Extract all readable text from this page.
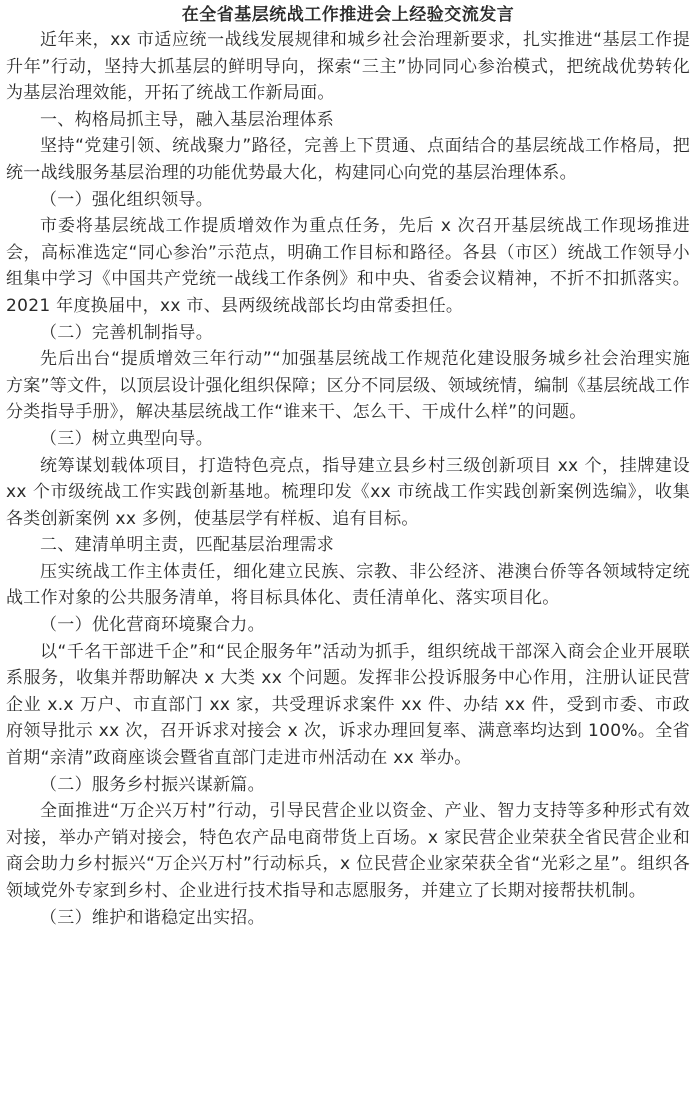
在全省基层统战工作推进会上经验交流发言

近年来，xx 市适应统一战线发展规律和城乡社会治理新要求，扎实推进“基层工作提升年”行动，坚持大抓基层的鲜明导向，探索“三主”协同同心参治模式，把统战优势转化为基层治理效能，开拓了统战工作新局面。

一、构格局抓主导，融入基层治理体系

坚持“党建引领、统战聚力”路径，完善上下贯通、点面结合的基层统战工作格局，把统一战线服务基层治理的功能优势最大化，构建同心向党的基层治理体系。

（一）强化组织领导。

市委将基层统战工作提质增效作为重点任务，先后 x 次召开基层统战工作现场推进会，高标准选定“同心参治”示范点，明确工作目标和路径。各县（市区）统战工作领导小组集中学习《中国共产党统一战线工作条例》和中央、省委会议精神，不折不扣抓落实。2021 年度换届中，xx 市、县两级统战部长均由常委担任。

（二）完善机制指导。

先后出台“提质增效三年行动”“加强基层统战工作规范化建设服务城乡社会治理实施方案”等文件，以顶层设计强化组织保障；区分不同层级、领域统情，编制《基层统战工作分类指导手册》，解决基层统战工作“谁来干、怎么干、干成什么样”的问题。

（三）树立典型向导。

统筹谋划载体项目，打造特色亮点，指导建立县乡村三级创新项目 xx 个，挂牌建设 xx 个市级统战工作实践创新基地。梳理印发《xx 市统战工作实践创新案例选编》，收集各类创新案例 xx 多例，使基层学有样板、追有目标。

二、建清单明主责，匹配基层治理需求

压实统战工作主体责任，细化建立民族、宗教、非公经济、港澳台侨等各领域特定统战工作对象的公共服务清单，将目标具体化、责任清单化、落实项目化。

（一）优化营商环境聚合力。

以“千名干部进千企”和“民企服务年”活动为抓手，组织统战干部深入商会企业开展联系服务，收集并帮助解决 x 大类 xx 个问题。发挥非公投诉服务中心作用，注册认证民营企业 x.x 万户、市直部门 xx 家，共受理诉求案件 xx 件、办结 xx 件，受到市委、市政府领导批示 xx 次，召开诉求对接会 x 次，诉求办理回复率、满意率均达到 100%。全省首期“亲清”政商座谈会暨省直部门走进市州活动在 xx 举办。

（二）服务乡村振兴谋新篇。

全面推进“万企兴万村”行动，引导民营企业以资金、产业、智力支持等多种形式有效对接，举办产销对接会，特色农产品电商带货上百场。x 家民营企业荣获全省民营企业和商会助力乡村振兴“万企兴万村”行动标兵，x 位民营企业家荣获全省“光彩之星”。组织各领域党外专家到乡村、企业进行技术指导和志愿服务，并建立了长期对接帮扶机制。

（三）维护和谐稳定出实招。
